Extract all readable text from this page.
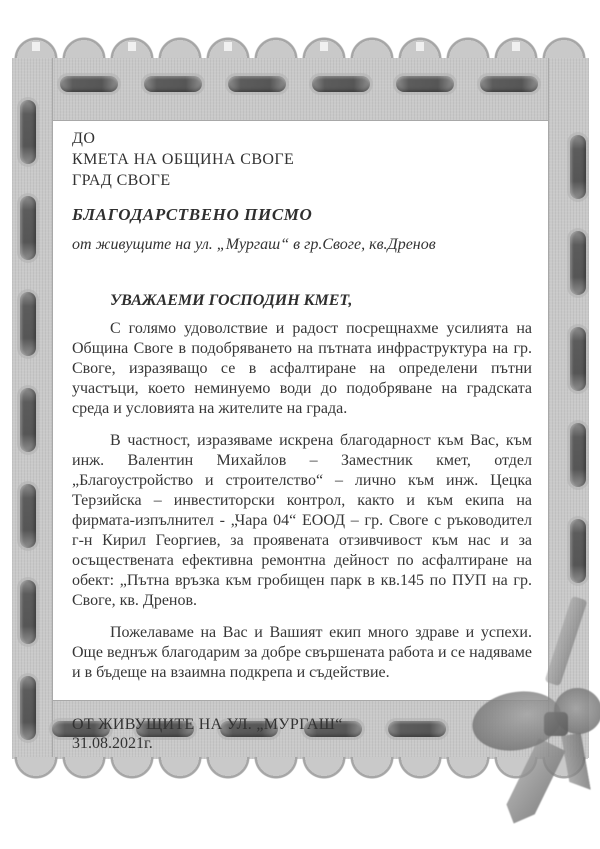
ДО
КМЕТА НА ОБЩИНА СВОГЕ
ГРАД СВОГЕ
БЛАГОДАРСТВЕНО ПИСМО
от живущите на ул. „Мургаш“ в гр.Своге, кв.Дренов
УВАЖАЕМИ ГОСПОДИН КМЕТ,

С голямо удоволствие и радост посрещнахме усилията на Община Своге в подобряването на пътната инфраструктура на гр. Своге, изразяващо се в асфалтиране на определени пътни участъци, което неминуемо води до подобряване на градската среда и условията на жителите на града.

В частност, изразяваме искрена благодарност към Вас, към инж. Валентин Михайлов – Заместник кмет, отдел „Благоустройство и строителство“ – лично към инж. Цецка Терзийска – инвеститорски контрол, както и към екипа на фирмата-изпълнител - „Чара 04“ ЕООД – гр. Своге с ръководител г-н Кирил Георгиев, за проявената отзивчивост към нас и за осъществената ефективна ремонтна дейност по асфалтиране на обект: „Пътна връзка към гробищен парк в кв.145 по ПУП на гр. Своге, кв. Дренов.

Пожелаваме на Вас и Вашият екип много здраве и успехи. Още веднъж благодарим за добре свършената работа и се надяваме и в бъдеще на взаимна подкрепа и съдействие.

ОТ ЖИВУЩИТЕ НА УЛ. „МУРГАШ“
31.08.2021г.
